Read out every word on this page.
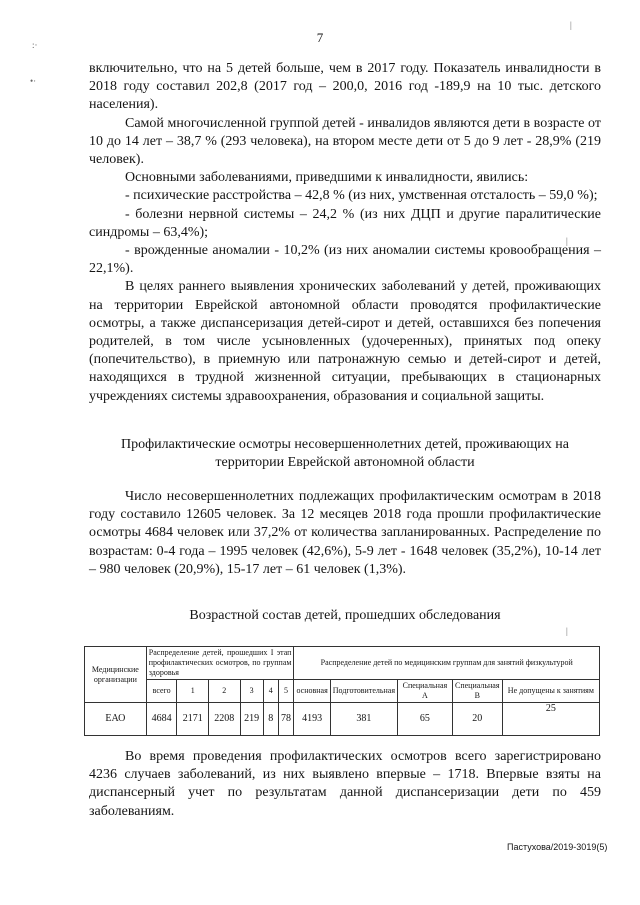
7
:·
•·
|
|
|

включительно, что на 5 детей больше, чем в 2017 году. Показатель инвалидности в 2018 году составил 202,8 (2017 год – 200,0, 2016 год -189,9 на 10 тыс. детского населения).

Самой многочисленной группой детей - инвалидов являются дети в возрасте от 10 до 14 лет – 38,7 % (293 человека), на втором месте дети от 5 до 9 лет - 28,9% (219 человек).

Основными заболеваниями, приведшими к инвалидности, явились:

- психические расстройства – 42,8 % (из них, умственная отсталость – 59,0 %);

- болезни нервной системы – 24,2 % (из них ДЦП и другие паралитические синдромы – 63,4%);

- врожденные аномалии - 10,2% (из них аномалии системы кровообращения – 22,1%).

В целях раннего выявления хронических заболеваний у детей, проживающих на территории Еврейской автономной области проводятся профилактические осмотры, а также диспансеризация детей-сирот и детей, оставшихся без попечения родителей, в том числе усыновленных (удочеренных), принятых под опеку (попечительство), в приемную или патронажную семью и детей-сирот и детей, находящихся в трудной жизненной ситуации, пребывающих в стационарных учреждениях системы здравоохранения, образования и социальной защиты.

Профилактические осмотры несовершеннолетних детей, проживающих на территории Еврейской автономной области

Число несовершеннолетних подлежащих профилактическим осмотрам в 2018 году составило 12605 человек. За 12 месяцев 2018 года прошли профилактические осмотры 4684 человек или 37,2% от количества запланированных. Распределение по возрастам: 0-4 года – 1995 человек (42,6%), 5-9 лет - 1648 человек (35,2%), 10-14 лет – 980 человек (20,9%), 15-17 лет – 61 человек (1,3%).

Возрастной состав детей, прошедших обследования
Медицинские организации	Распределение детей, прошедших I этап профилактических осмотров, по группам здоровья						Распределение детей по медицинским группам для занятий физкультурой				
	всего	1	2	3	4	5	основная	Подготовительная	Специальная А	Специальная В	Не допущены к занятиям
ЕАО	4684	2171	2208	219	8	78	4193	381	65	20	25

Во время проведения профилактических осмотров всего зарегистрировано 4236 случаев заболеваний, из них выявлено впервые – 1718. Впервые взяты на диспансерный учет по результатам данной диспансеризации дети по 459 заболеваниям.

Пастухова/2019-3019(5)
